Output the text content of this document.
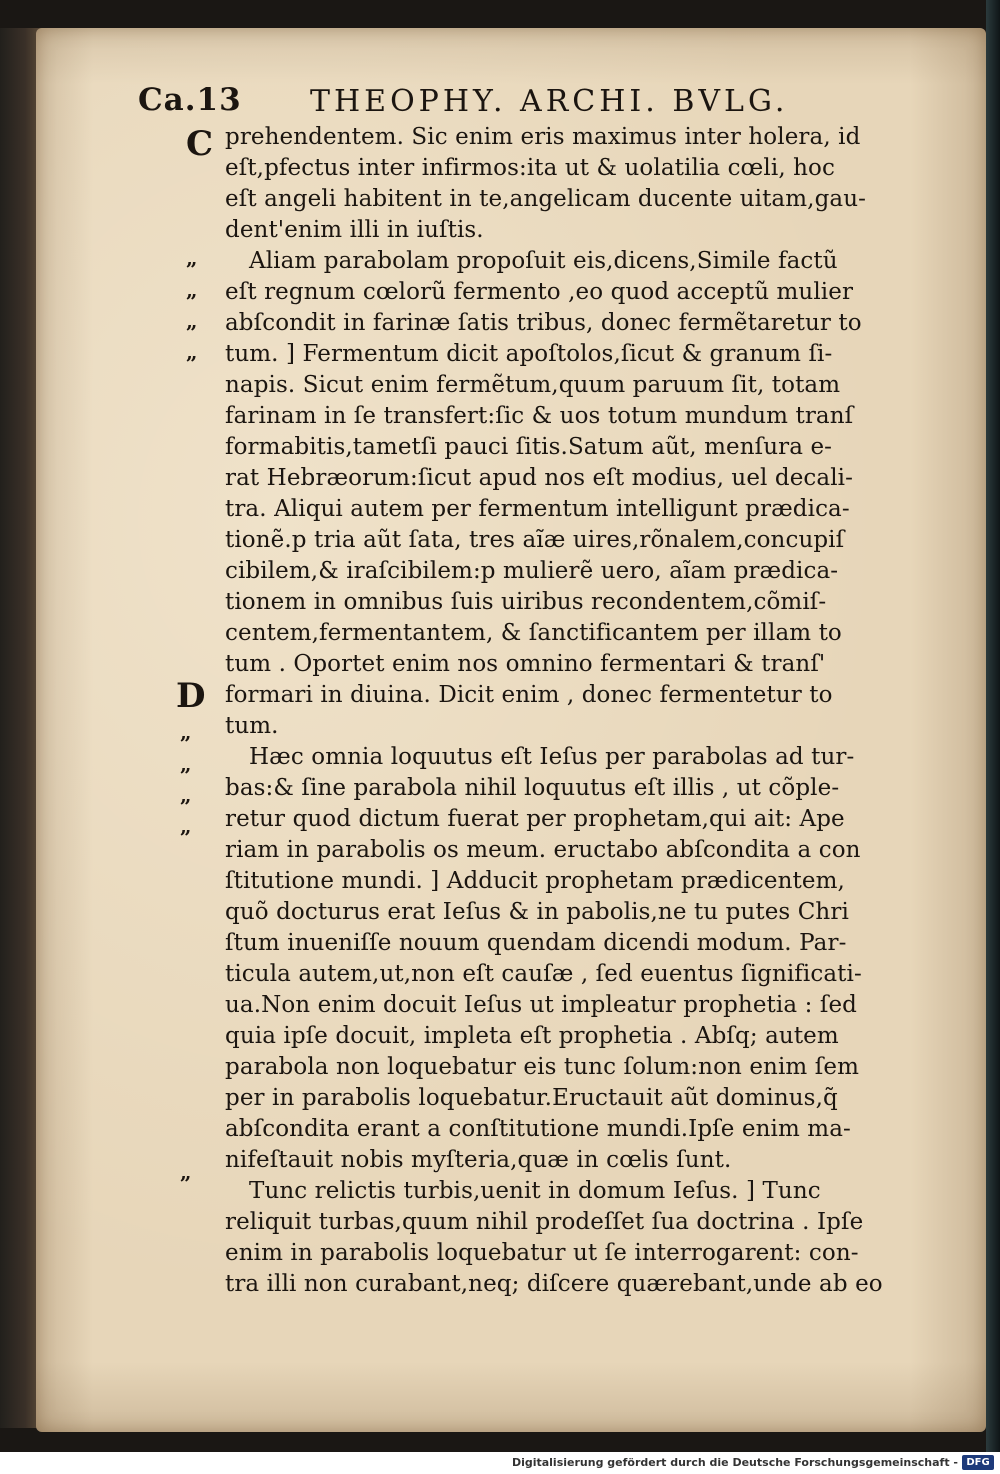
Ca.13 THEOPHY. ARCHI. BVLG.
C
D
„
„
„
„
„
„
„
„
„
prehendentem. Sic enim eris maximus inter holera, id
eſt,pfectus inter infirmos:ita ut & uolatilia cœli, hoc
eſt angeli habitent in te,angelicam ducente uitam,gau-
dent'enim illi in iuſtis.
Aliam parabolam propoſuit eis,dicens,Simile factũ
eſt regnum cœlorũ fermento ,eo quod acceptũ mulier
abſcondit in farinæ ſatis tribus, donec fermẽtaretur to
tum. ] Fermentum dicit apoſtolos,ſicut & granum ſi-
napis. Sicut enim fermẽtum,quum paruum ſit, totam
farinam in ſe transfert:ſic & uos totum mundum tranſ
formabitis,tametſi pauci ſitis.Satum aũt, menſura e-
rat Hebræorum:ſicut apud nos eſt modius, uel decali-
tra. Aliqui autem per fermentum intelligunt prædica-
tionẽ.p tria aũt ſata, tres aĩæ uires,rõnalem,concupiſ
cibilem,& iraſcibilem:p mulierẽ uero, aĩam prædica-
tionem in omnibus ſuis uiribus recondentem,cõmiſ-
centem,fermentantem, & ſanctificantem per illam to
tum . Oportet enim nos omnino fermentari & tranſ'
formari in diuina. Dicit enim , donec fermentetur to
tum.
Hæc omnia loquutus eſt Ieſus per parabolas ad tur-
bas:& ſine parabola nihil loquutus eſt illis , ut cõple-
retur quod dictum fuerat per prophetam,qui ait: Ape
riam in parabolis os meum. eructabo abſcondita a con
ſtitutione mundi. ] Adducit prophetam prædicentem,
quõ docturus erat Ieſus & in pabolis,ne tu putes Chri
ſtum inueniſſe nouum quendam dicendi modum. Par-
ticula autem,ut,non eſt cauſæ , ſed euentus ſignificati-
ua.Non enim docuit Ieſus ut impleatur prophetia : ſed
quia ipſe docuit, impleta eſt prophetia . Abſq; autem
parabola non loquebatur eis tunc ſolum:non enim ſem
per in parabolis loquebatur.Eructauit aũt dominus,q̃
abſcondita erant a conſtitutione mundi.Ipſe enim ma-
nifeſtauit nobis myſteria,quæ in cœlis ſunt.
Tunc relictis turbis,uenit in domum Ieſus. ] Tunc
reliquit turbas,quum nihil prodeſſet ſua doctrina . Ipſe
enim in parabolis loquebatur ut ſe interrogarent: con-
tra illi non curabant,neq; diſcere quærebant,unde ab eo
Digitalisierung gefördert durch die Deutsche Forschungsgemeinschaft - DFG
